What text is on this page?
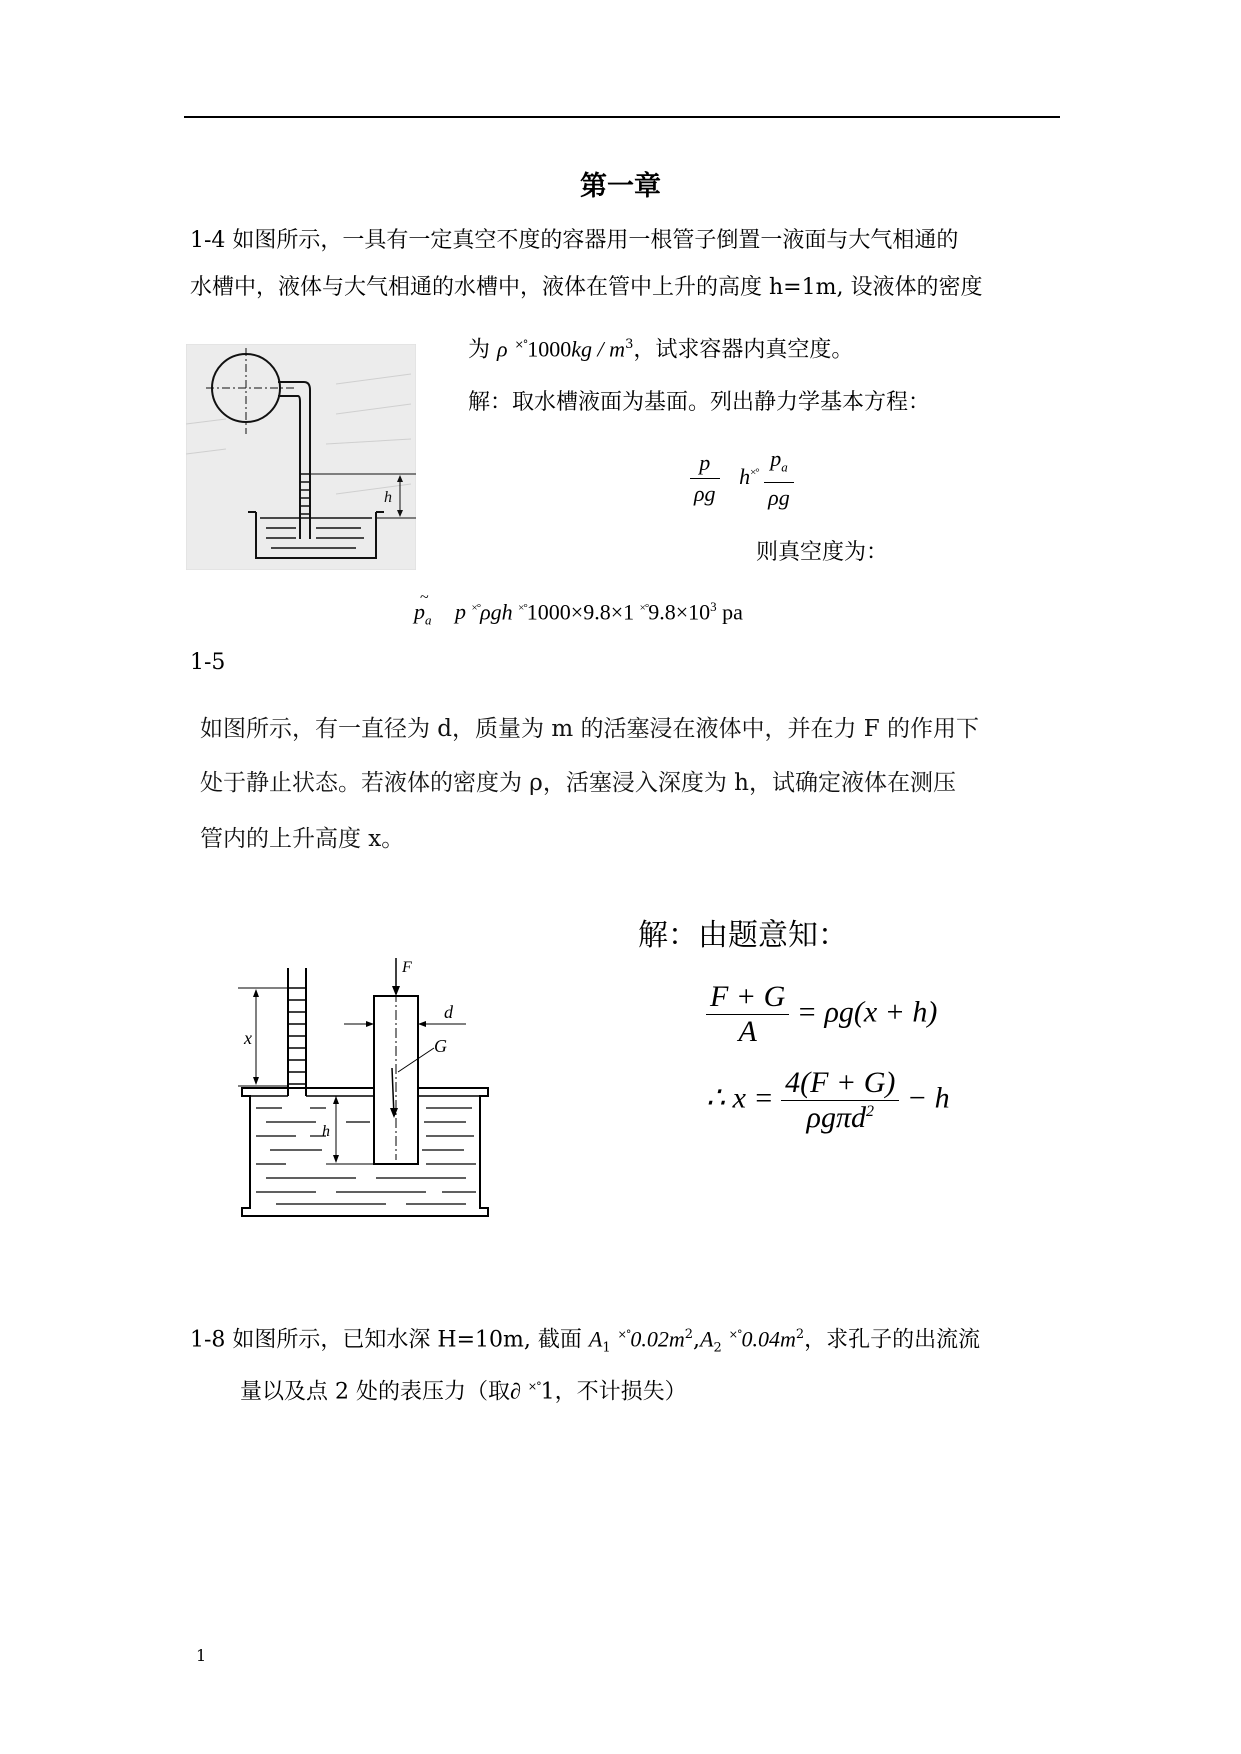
第一章
1-4 如图所示，一具有一定真空不度的容器用一根管子倒置一液面与大气相通的
水槽中，液体与大气相通的水槽中，液体在管中上升的高度 h=1m, 设液体的密度
为 ρ $^{\times^\circ}1000kg / m^3$，试求容器内真空度。
h
解：取水槽液面为基面。列出静力学基本方程：
$\frac{p}{\rho g} h^{\times^\circ} \frac{p_a}{\rho g}$
则真空度为：
~
$p_a$ p ×°ρgh ×°1000×9.8×1 $^{\times^\circ}9.8\times 10^3$ pa
1-5
如图所示，有一直径为 d，质量为 m 的活塞浸在液体中，并在力 F 的作用下
处于静止状态。若液体的密度为 ρ，活塞浸入深度为 h，试确定液体在测压
管内的上升高度 x。
x
F
d
G
h
解：由题意知：
$\frac{F + G}{A} = \rho g(x + h)$
∴ $x = \frac{4(F + G)}{\rho g\pi d^2} - h$
1-8 如图所示，已知水深 H=10m, 截面 $A_1$ $^{\times^\circ}0.02m^2,A_2$ $^{\times^\circ}0.04m^2$，求孔子的出流流
量以及点 2 处的表压力（取∂ ×°1，不计损失）
1
